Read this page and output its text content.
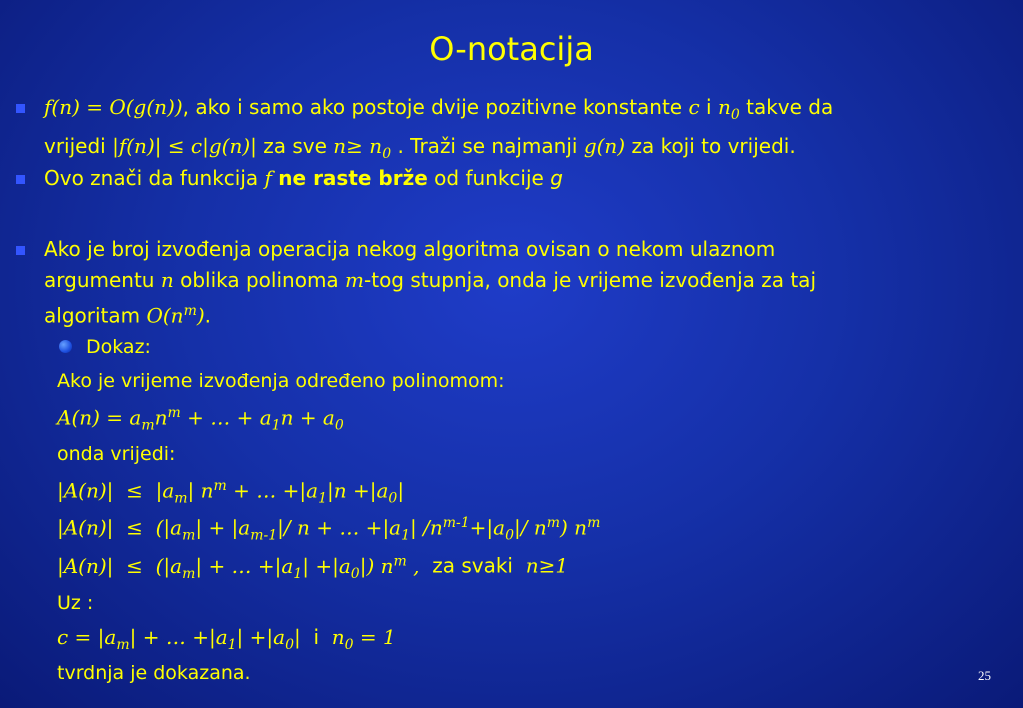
O-notacija
f(n) = O(g(n)), ako i samo ako postoje dvije pozitivne konstante c i $n_0$ takve da
vrijedi |f(n)| ≤ c|g(n)| za sve $n\ge n_0$ . Traži se najmanji g(n) za koji to vrijedi.
Ovo znači da funkcija f ne raste brže od funkcije g
Ako je broj izvođenja operacija nekog algoritma ovisan o nekom ulaznom
argumentu n oblika polinoma m-tog stupnja, onda je vrijeme izvođenja za taj
algoritam $O(n^m)$.
Dokaz:
Ako je vrijeme izvođenja određeno polinomom:
$A(n) = a_mn^m$ + … + $a_1n + a_0$
onda vrijedi:
$|A(n)| \le |a_m|$ $n^m$ + … $+|a_1|n +|a_0|$
$|A(n)| \le (|a_m| + |a_{m-1}|/$ n + … $+|a_1|$ $/n^{m-1}+|a_0|/$ $n^m$) $n^m$
$|A(n)| \le (|a_m|$ + … $+|a_1| +|a_0|$) $n^m$ ,  za svaki n≥1
Uz :
$c = |a_m|$ + … $+|a_1| +|a_0|$ i $n_0 = 1$
tvrdnja je dokazana.	25
